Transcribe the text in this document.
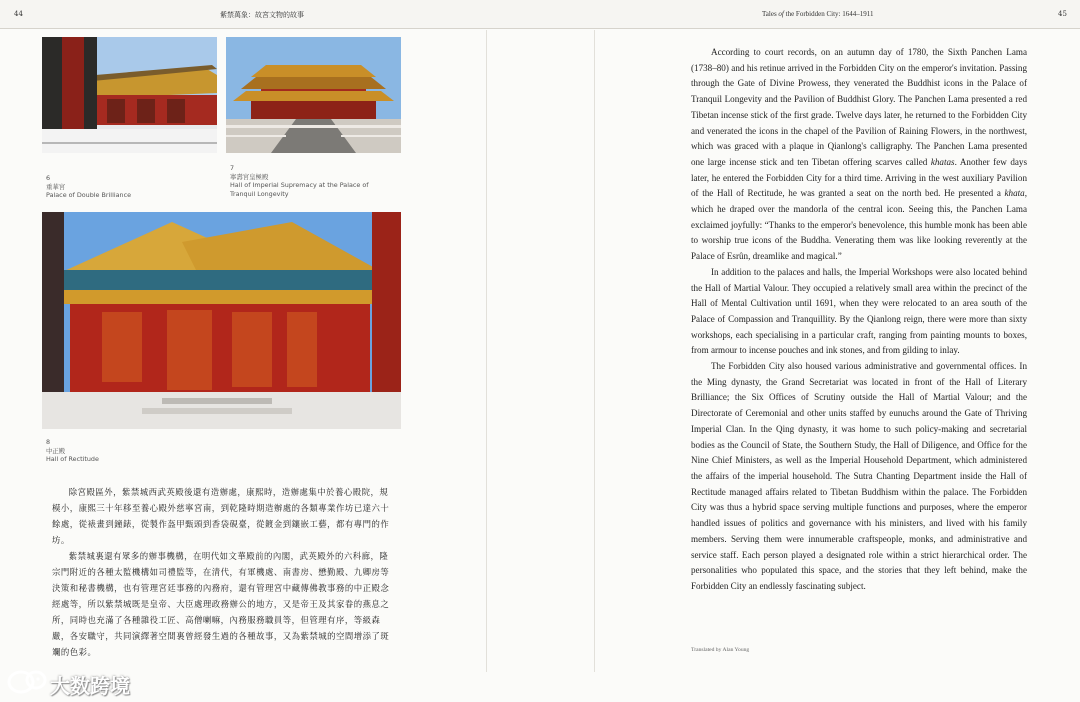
44	紫禁萬象：故宮文物的故事
6
重華宮
Palace of Double Brilliance
7
寧壽宮皇極殿
Hall of Imperial Supremacy at the Palace of
Tranquil Longevity
8
中正殿
Hall of Rectitude

除宮殿區外，紫禁城西武英殿後還有造辦處，康熙時，造辦處集中於養心殿院，規模小，康熙三十年移至養心殿外慈寧宮南，到乾隆時期造辦處的各類專業作坊已達六十餘處，從裱畫到鐘錶，從製作盔甲甄頭到香袋硯臺，從鍍金到鑲嵌工藝，都有專門的作坊。

紫禁城裏還有眾多的辦事機構，在明代如文華殿前的內閣，武英殿外的六科廊，隆宗門附近的各種太監機構如司禮監等，在清代，有軍機處、南書房、懋勤殿、九卿房等決策和秘書機構，也有管理宮廷事務的內務府，還有管理宮中藏傳佛教事務的中正殿念經處等，所以紫禁城既是皇帝、大臣處理政務辦公的地方，又是帝王及其家眷的燕息之所，同時也充滿了各種雜役工匠、高僧喇嘛，內務服務職員等，但管理有序，等級森嚴，各安職守，共同演繹著空間裏曾經發生過的各種故事，又為紫禁城的空間增添了斑斕的色彩。

Tales of the Forbidden City: 1644–1911	45

According to court records, on an autumn day of 1780, the Sixth Panchen Lama (1738–80) and his retinue arrived in the Forbidden City on the emperor's invitation. Passing through the Gate of Divine Prowess, they venerated the Buddhist icons in the Palace of Tranquil Longevity and the Pavilion of Buddhist Glory. The Panchen Lama presented a red Tibetan incense stick of the first grade. Twelve days later, he returned to the Forbidden City and venerated the icons in the chapel of the Pavilion of Raining Flowers, in the northwest, which was graced with a plaque in Qianlong's calligraphy. The Panchen Lama presented one large incense stick and ten Tibetan offering scarves called khatas. Another few days later, he entered the Forbidden City for a third time. Arriving in the west auxiliary Pavilion of the Hall of Rectitude, he was granted a seat on the north bed. He presented a khata, which he draped over the mandorla of the central icon. Seeing this, the Panchen Lama exclaimed joyfully: “Thanks to the emperor's benevolence, this humble monk has been able to worship true icons of the Buddha. Venerating them was like looking reverently at the Palace of Esrûn, dreamlike and magical.”

In addition to the palaces and halls, the Imperial Workshops were also located behind the Hall of Martial Valour. They occupied a relatively small area within the precinct of the Hall of Mental Cultivation until 1691, when they were relocated to an area south of the Palace of Compassion and Tranquillity. By the Qianlong reign, there were more than sixty workshops, each specialising in a particular craft, ranging from painting mounts to boxes, from armour to incense pouches and ink stones, and from gilding to inlay.

The Forbidden City also housed various administrative and governmental offices. In the Ming dynasty, the Grand Secretariat was located in front of the Hall of Literary Brilliance; the Six Offices of Scrutiny outside the Hall of Martial Valour; and the Directorate of Ceremonial and other units staffed by eunuchs around the Gate of Thriving Imperial Clan. In the Qing dynasty, it was home to such policy-making and secretarial bodies as the Council of State, the Southern Study, the Hall of Diligence, and Office for the Nine Chief Ministers, as well as the Imperial Household Department, which administered the affairs of the imperial household. The Sutra Chanting Department inside the Hall of Rectitude managed affairs related to Tibetan Buddhism within the palace. The Forbidden City was thus a hybrid space serving multiple functions and purposes, where the emperor handled issues of politics and governance with his ministers, and lived with his family members. Serving them were innumerable craftspeople, monks, and administrative and service staff. Each person played a designated role within a strict hierarchical order. The personalities who populated this space, and the stories that they left behind, make the Forbidden City an endlessly fascinating subject.

Translated by Alan Young
大数跨境
